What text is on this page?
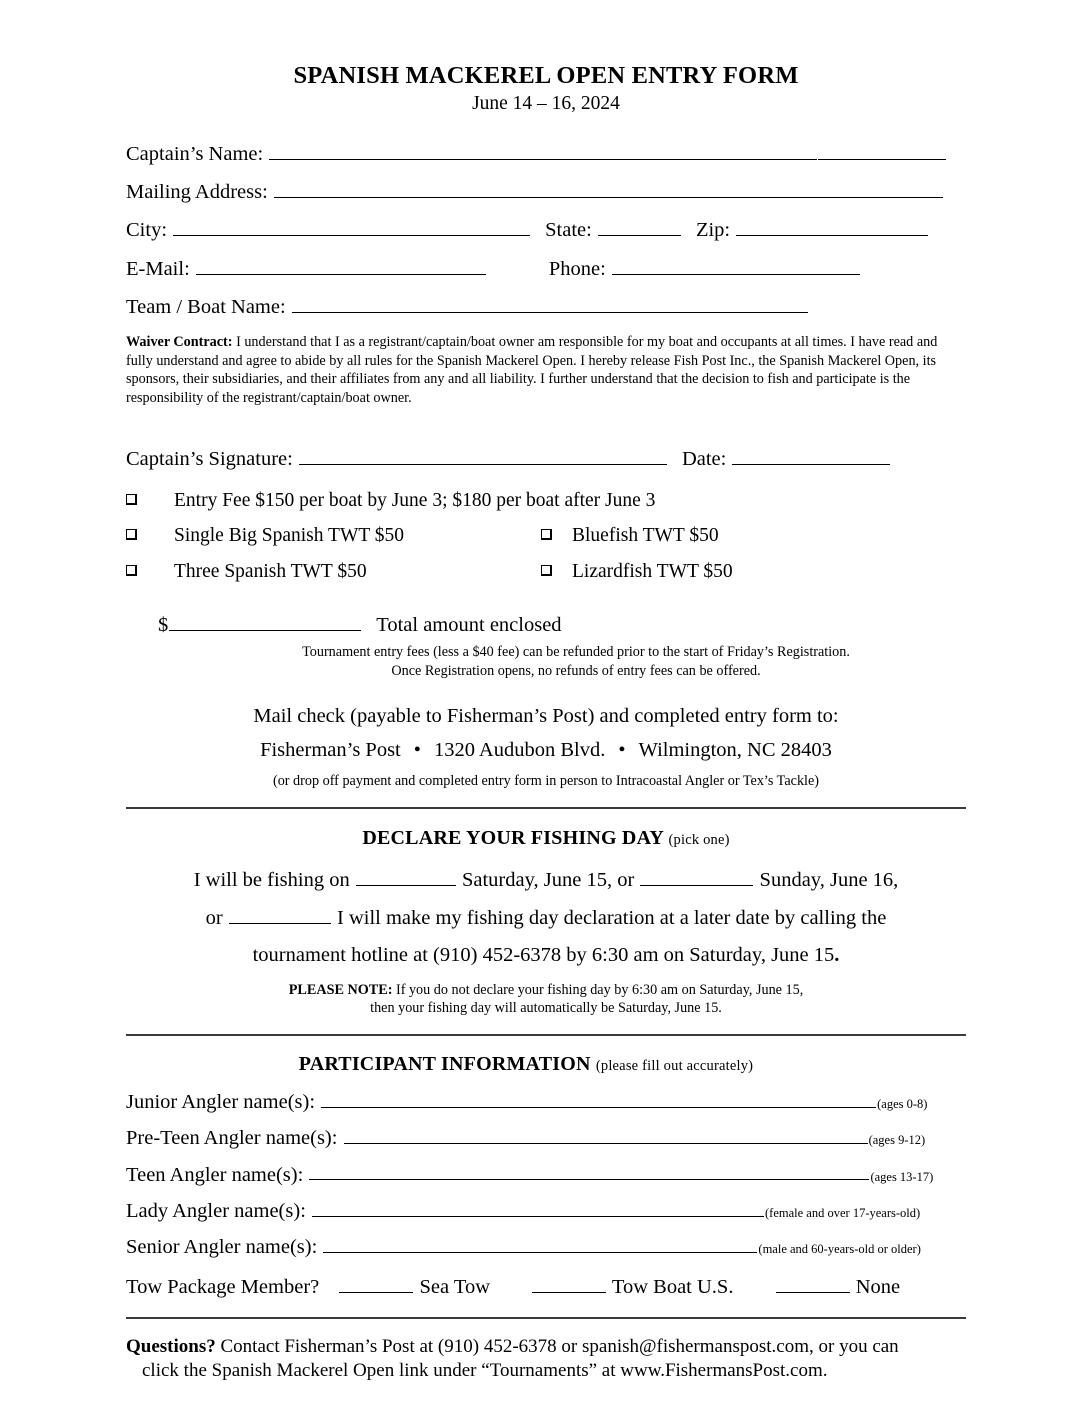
SPANISH MACKEREL OPEN ENTRY FORM
June 14 – 16, 2024
Captain’s Name:
Mailing Address:
City:	State:	Zip:
E-Mail:	Phone:
Team / Boat Name:
Waiver Contract: I understand that I as a registrant/captain/boat owner am responsible for my boat and occupants at all times. I have read and fully understand and agree to abide by all rules for the Spanish Mackerel Open. I hereby release Fish Post Inc., the Spanish Mackerel Open, its sponsors, their subsidiaries, and their affiliates from any and all liability. I further understand that the decision to fish and participate is the responsibility of the registrant/captain/boat owner.
Captain’s Signature:	Date:
Entry Fee $150 per boat by June 3; $180 per boat after June 3
Single Big Spanish TWT $50	Bluefish TWT $50
Three Spanish TWT $50	Lizardfish TWT $50
$	Total amount enclosed
Tournament entry fees (less a $40 fee) can be refunded prior to the start of Friday’s Registration.
Once Registration opens, no refunds of entry fees can be offered.
Mail check (payable to Fisherman’s Post) and completed entry form to:
Fisherman’s Post • 1320 Audubon Blvd. • Wilmington, NC 28403
(or drop off payment and completed entry form in person to Intracoastal Angler or Tex’s Tackle)
DECLARE YOUR FISHING DAY (pick one)
I will be fishing on	Saturday, June 15, or	Sunday, June 16,
or	I will make my fishing day declaration at a later date by calling the
tournament hotline at (910) 452-6378 by 6:30 am on Saturday, June 15.
PLEASE NOTE: If you do not declare your fishing day by 6:30 am on Saturday, June 15,
then your fishing day will automatically be Saturday, June 15.
PARTICIPANT INFORMATION (please fill out accurately)
Junior Angler name(s):	(ages 0-8)
Pre-Teen Angler name(s):	(ages 9-12)
Teen Angler name(s):	(ages 13-17)
Lady Angler name(s):	(female and over 17-years-old)
Senior Angler name(s):	(male and 60-years-old or older)
Tow Package Member?	Sea Tow	Tow Boat U.S.	None
Questions? Contact Fisherman’s Post at (910) 452-6378 or spanish@fishermanspost.com, or you can
click the Spanish Mackerel Open link under “Tournaments” at www.FishermansPost.com.
